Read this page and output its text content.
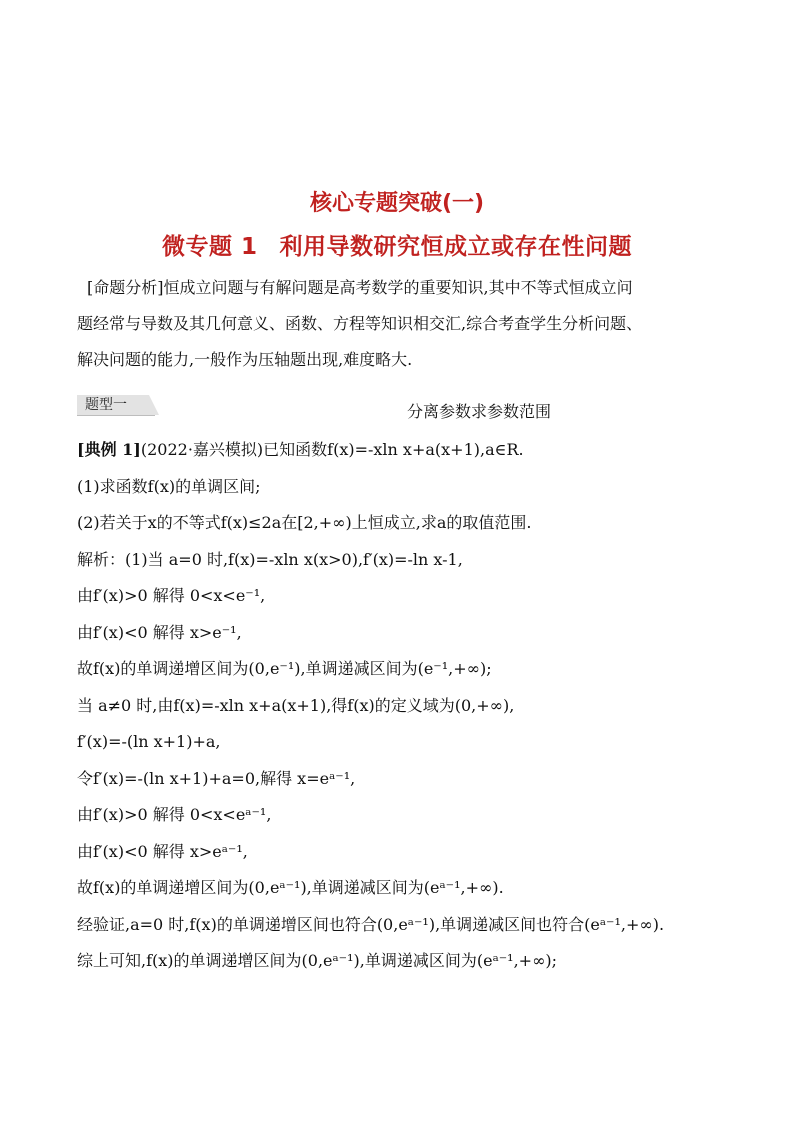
核心专题突破(一)
微专题 1 利用导数研究恒成立或存在性问题

[命题分析]恒成立问题与有解问题是高考数学的重要知识,其中不等式恒成立问

题经常与导数及其几何意义、函数、方程等知识相交汇,综合考查学生分析问题、

解决问题的能力,一般作为压轴题出现,难度略大.

题型一	分离参数求参数范围
[典例 1](2022·嘉兴模拟)已知函数f(x)=-xln x+a(x+1),a∈R.
(1)求函数f(x)的单调区间;
(2)若关于x的不等式f(x)≤2a在[2,+∞)上恒成立,求a的取值范围.
解析：(1)当 a=0 时,f(x)=-xln x(x>0),f′(x)=-ln x-1,
由f′(x)>0 解得 0<x<e⁻¹,
由f′(x)<0 解得 x>e⁻¹,
故f(x)的单调递增区间为(0,e⁻¹),单调递减区间为(e⁻¹,+∞);
当 a≠0 时,由f(x)=-xln x+a(x+1),得f(x)的定义域为(0,+∞),
f′(x)=-(ln x+1)+a,
令f′(x)=-(ln x+1)+a=0,解得 x=eᵃ⁻¹,
由f′(x)>0 解得 0<x<eᵃ⁻¹,
由f′(x)<0 解得 x>eᵃ⁻¹,
故f(x)的单调递增区间为(0,eᵃ⁻¹),单调递减区间为(eᵃ⁻¹,+∞).
经验证,a=0 时,f(x)的单调递增区间也符合(0,eᵃ⁻¹),单调递减区间也符合(eᵃ⁻¹,+∞).
综上可知,f(x)的单调递增区间为(0,eᵃ⁻¹),单调递减区间为(eᵃ⁻¹,+∞);
